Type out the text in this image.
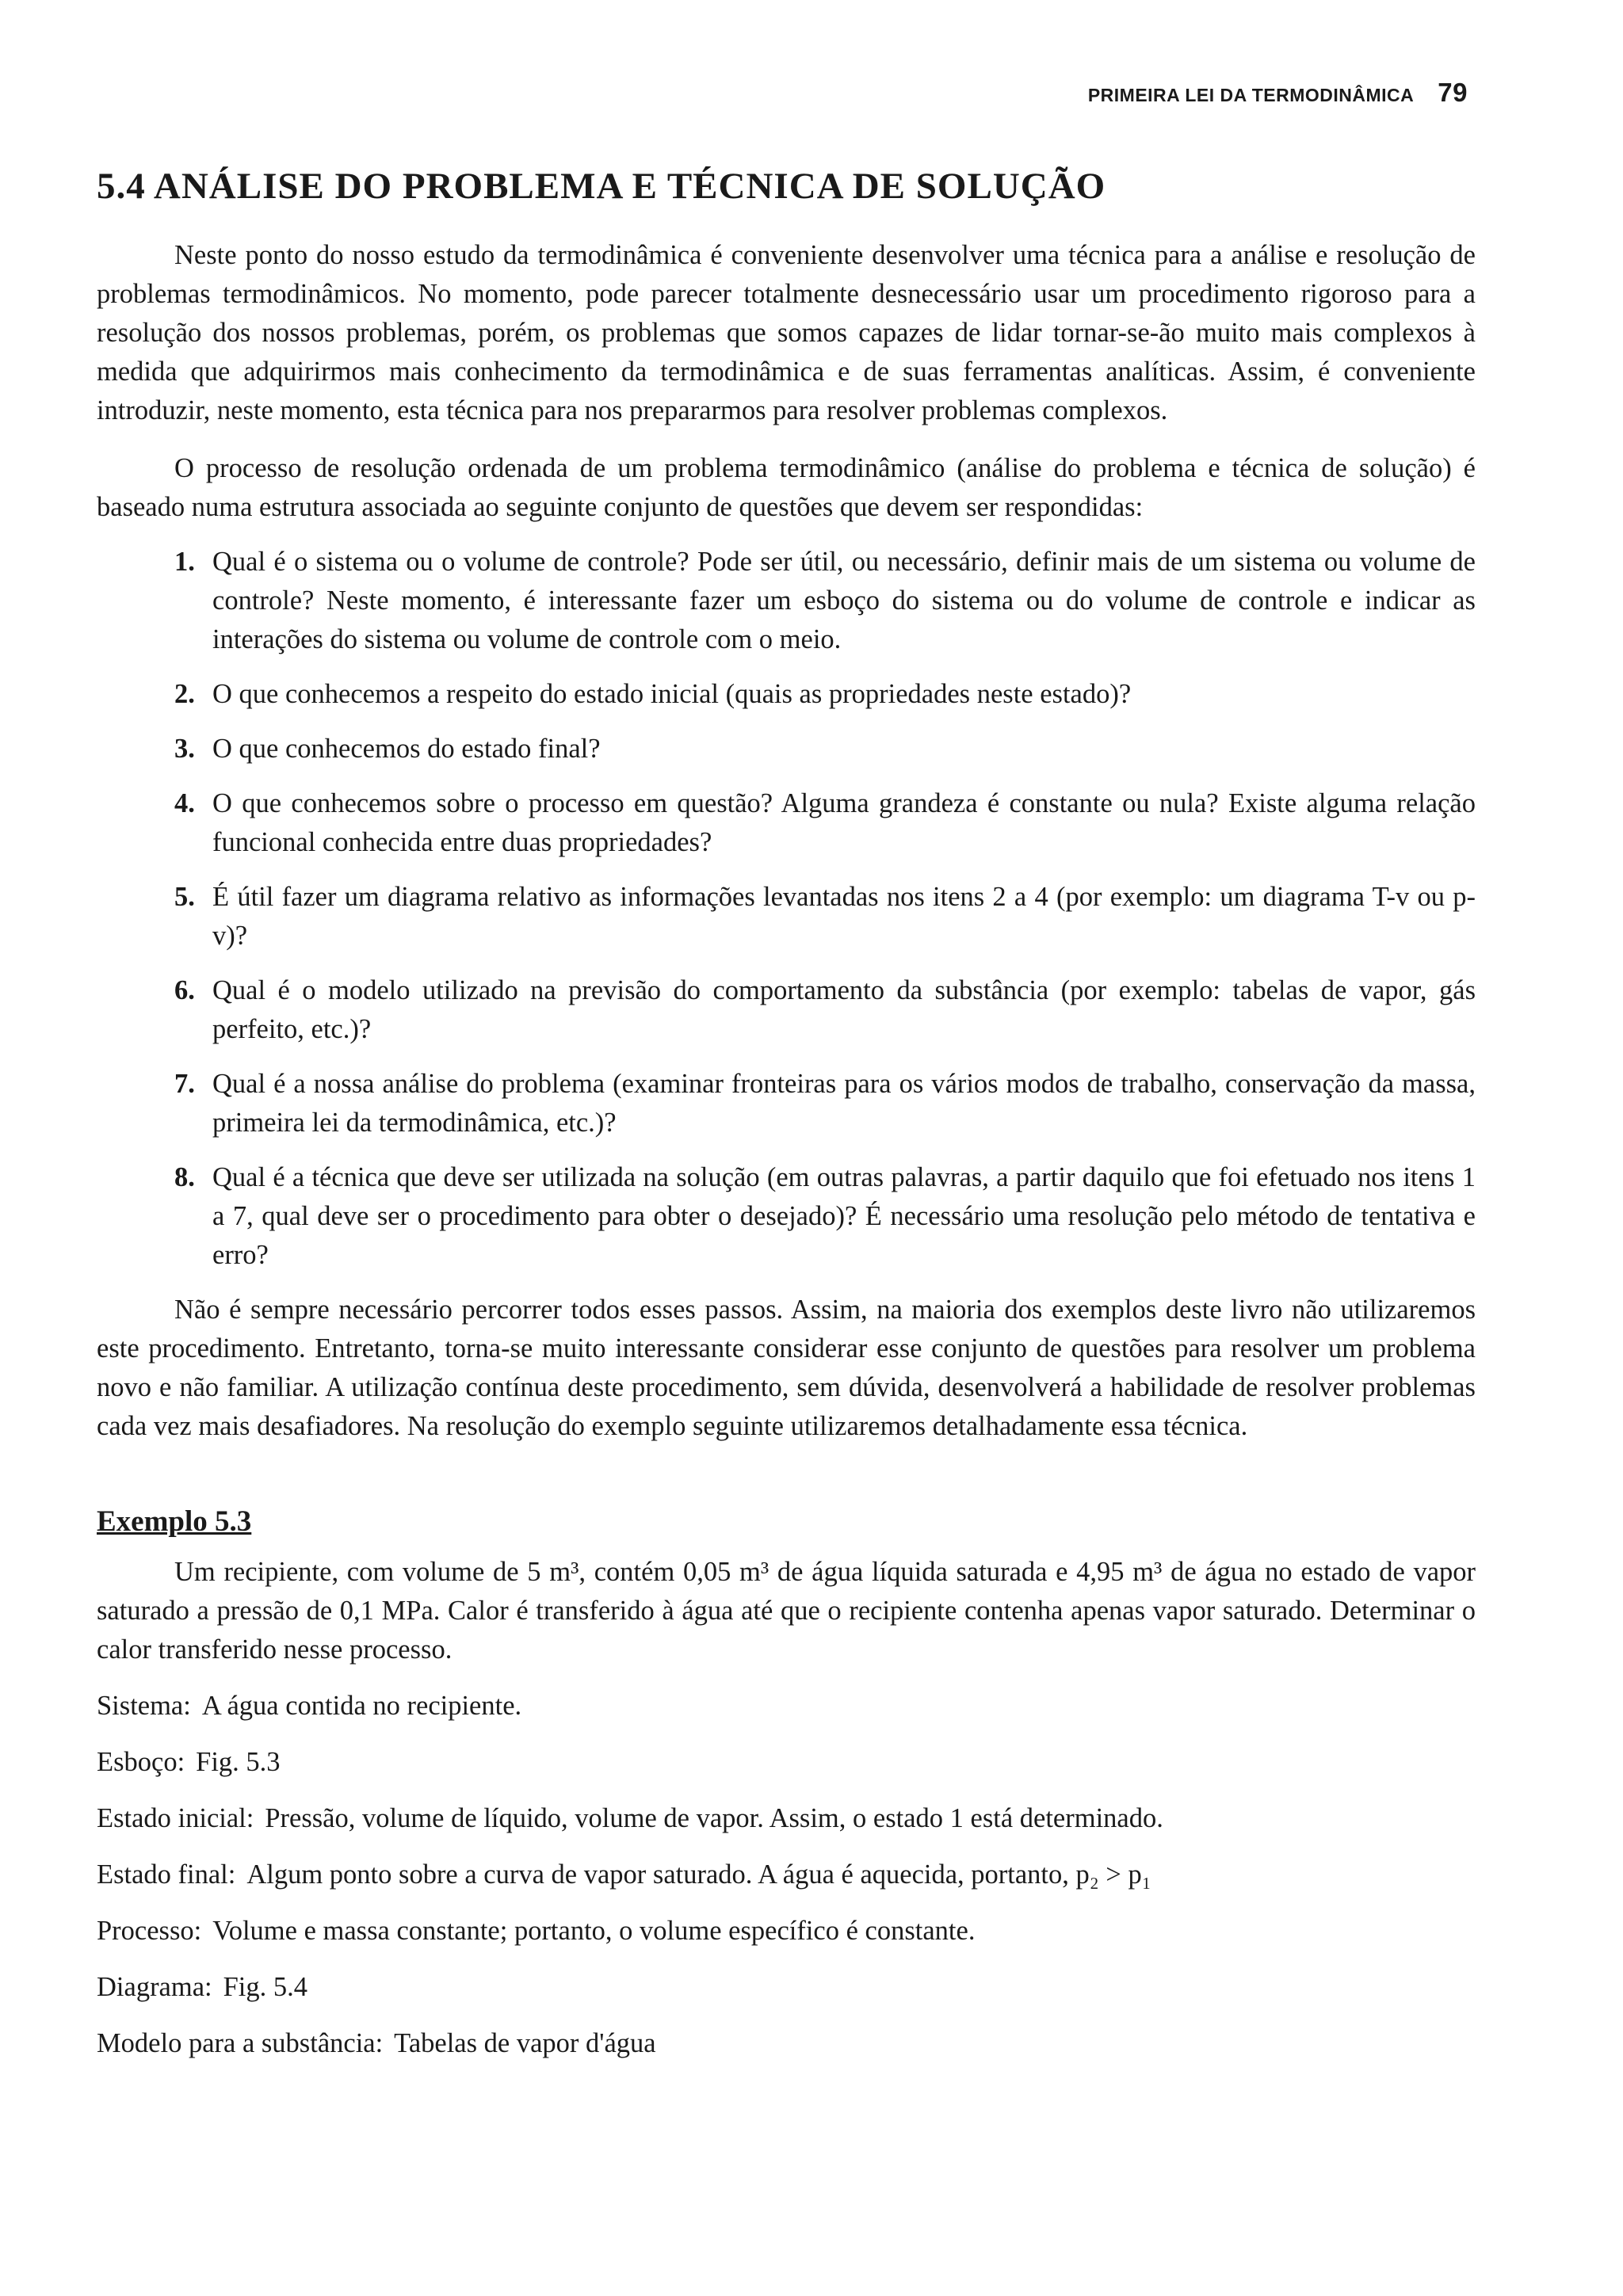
PRIMEIRA LEI DA TERMODINÂMICA 79
5.4 ANÁLISE DO PROBLEMA E TÉCNICA DE SOLUÇÃO

Neste ponto do nosso estudo da termodinâmica é conveniente desenvolver uma técnica para a análise e resolução de problemas termodinâmicos. No momento, pode parecer totalmente desnecessário usar um procedimento rigoroso para a resolução dos nossos problemas, porém, os problemas que somos capazes de lidar tornar-se-ão muito mais complexos à medida que adquirirmos mais conhecimento da termodinâmica e de suas ferramentas analíticas. Assim, é conveniente introduzir, neste momento, esta técnica para nos prepararmos para resolver problemas complexos.

O processo de resolução ordenada de um problema termodinâmico (análise do problema e técnica de solução) é baseado numa estrutura associada ao seguinte conjunto de questões que devem ser respondidas:

1. Qual é o sistema ou o volume de controle? Pode ser útil, ou necessário, definir mais de um sistema ou volume de controle? Neste momento, é interessante fazer um esboço do sistema ou do volume de controle e indicar as interações do sistema ou volume de controle com o meio.
2. O que conhecemos a respeito do estado inicial (quais as propriedades neste estado)?
3. O que conhecemos do estado final?
4. O que conhecemos sobre o processo em questão? Alguma grandeza é constante ou nula? Existe alguma relação funcional conhecida entre duas propriedades?
5. É útil fazer um diagrama relativo as informações levantadas nos itens 2 a 4 (por exemplo: um diagrama T-v ou p-v)?
6. Qual é o modelo utilizado na previsão do comportamento da substância (por exemplo: tabelas de vapor, gás perfeito, etc.)?
7. Qual é a nossa análise do problema (examinar fronteiras para os vários modos de trabalho, conservação da massa, primeira lei da termodinâmica, etc.)?
8. Qual é a técnica que deve ser utilizada na solução (em outras palavras, a partir daquilo que foi efetuado nos itens 1 a 7, qual deve ser o procedimento para obter o desejado)? É necessário uma resolução pelo método de tentativa e erro?

Não é sempre necessário percorrer todos esses passos. Assim, na maioria dos exemplos deste livro não utilizaremos este procedimento. Entretanto, torna-se muito interessante considerar esse conjunto de questões para resolver um problema novo e não familiar. A utilização contínua deste procedimento, sem dúvida, desenvolverá a habilidade de resolver problemas cada vez mais desafiadores. Na resolução do exemplo seguinte utilizaremos detalhadamente essa técnica.

Exemplo 5.3

Um recipiente, com volume de 5 m³, contém 0,05 m³ de água líquida saturada e 4,95 m³ de água no estado de vapor saturado a pressão de 0,1 MPa. Calor é transferido à água até que o recipiente contenha apenas vapor saturado. Determinar o calor transferido nesse processo.

Sistema: A água contida no recipiente.
Esboço: Fig. 5.3
Estado inicial: Pressão, volume de líquido, volume de vapor. Assim, o estado 1 está determinado.
Estado final: Algum ponto sobre a curva de vapor saturado. A água é aquecida, portanto, p₂ > p₁
Processo: Volume e massa constante; portanto, o volume específico é constante.
Diagrama: Fig. 5.4
Modelo para a substância: Tabelas de vapor d'água
